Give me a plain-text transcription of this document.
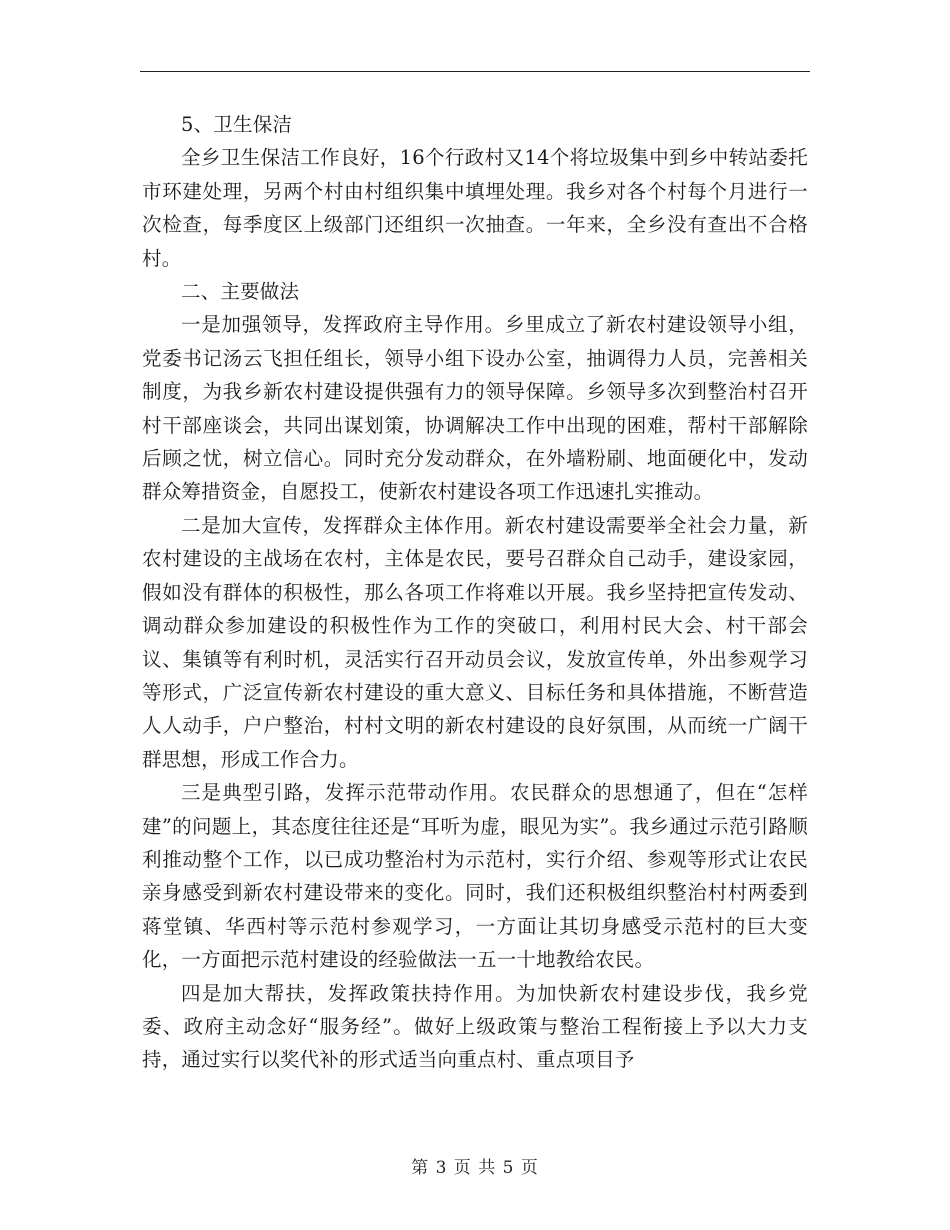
5、卫生保洁

全乡卫生保洁工作良好，16个行政村又14个将垃圾集中到乡中转站委托市环建处理，另两个村由村组织集中填埋处理。我乡对各个村每个月进行一次检查，每季度区上级部门还组织一次抽查。一年来，全乡没有查出不合格村。

二、主要做法

一是加强领导，发挥政府主导作用。乡里成立了新农村建设领导小组，党委书记汤云飞担任组长，领导小组下设办公室，抽调得力人员，完善相关制度，为我乡新农村建设提供强有力的领导保障。乡领导多次到整治村召开村干部座谈会，共同出谋划策，协调解决工作中出现的困难，帮村干部解除后顾之忧，树立信心。同时充分发动群众，在外墙粉刷、地面硬化中，发动群众筹措资金，自愿投工，使新农村建设各项工作迅速扎实推动。

二是加大宣传，发挥群众主体作用。新农村建设需要举全社会力量，新农村建设的主战场在农村，主体是农民，要号召群众自己动手，建设家园，假如没有群体的积极性，那么各项工作将难以开展。我乡坚持把宣传发动、调动群众参加建设的积极性作为工作的突破口，利用村民大会、村干部会议、集镇等有利时机，灵活实行召开动员会议，发放宣传单，外出参观学习等形式，广泛宣传新农村建设的重大意义、目标任务和具体措施，不断营造人人动手，户户整治，村村文明的新农村建设的良好氛围，从而统一广阔干群思想，形成工作合力。

三是典型引路，发挥示范带动作用。农民群众的思想通了，但在“怎样建”的问题上，其态度往往还是“耳听为虚，眼见为实”。我乡通过示范引路顺利推动整个工作，以已成功整治村为示范村，实行介绍、参观等形式让农民亲身感受到新农村建设带来的变化。同时，我们还积极组织整治村村两委到蒋堂镇、华西村等示范村参观学习，一方面让其切身感受示范村的巨大变化，一方面把示范村建设的经验做法一五一十地教给农民。

四是加大帮扶，发挥政策扶持作用。为加快新农村建设步伐，我乡党委、政府主动念好“服务经”。做好上级政策与整治工程衔接上予以大力支持，通过实行以奖代补的形式适当向重点村、重点项目予

第 3 页 共 5 页
